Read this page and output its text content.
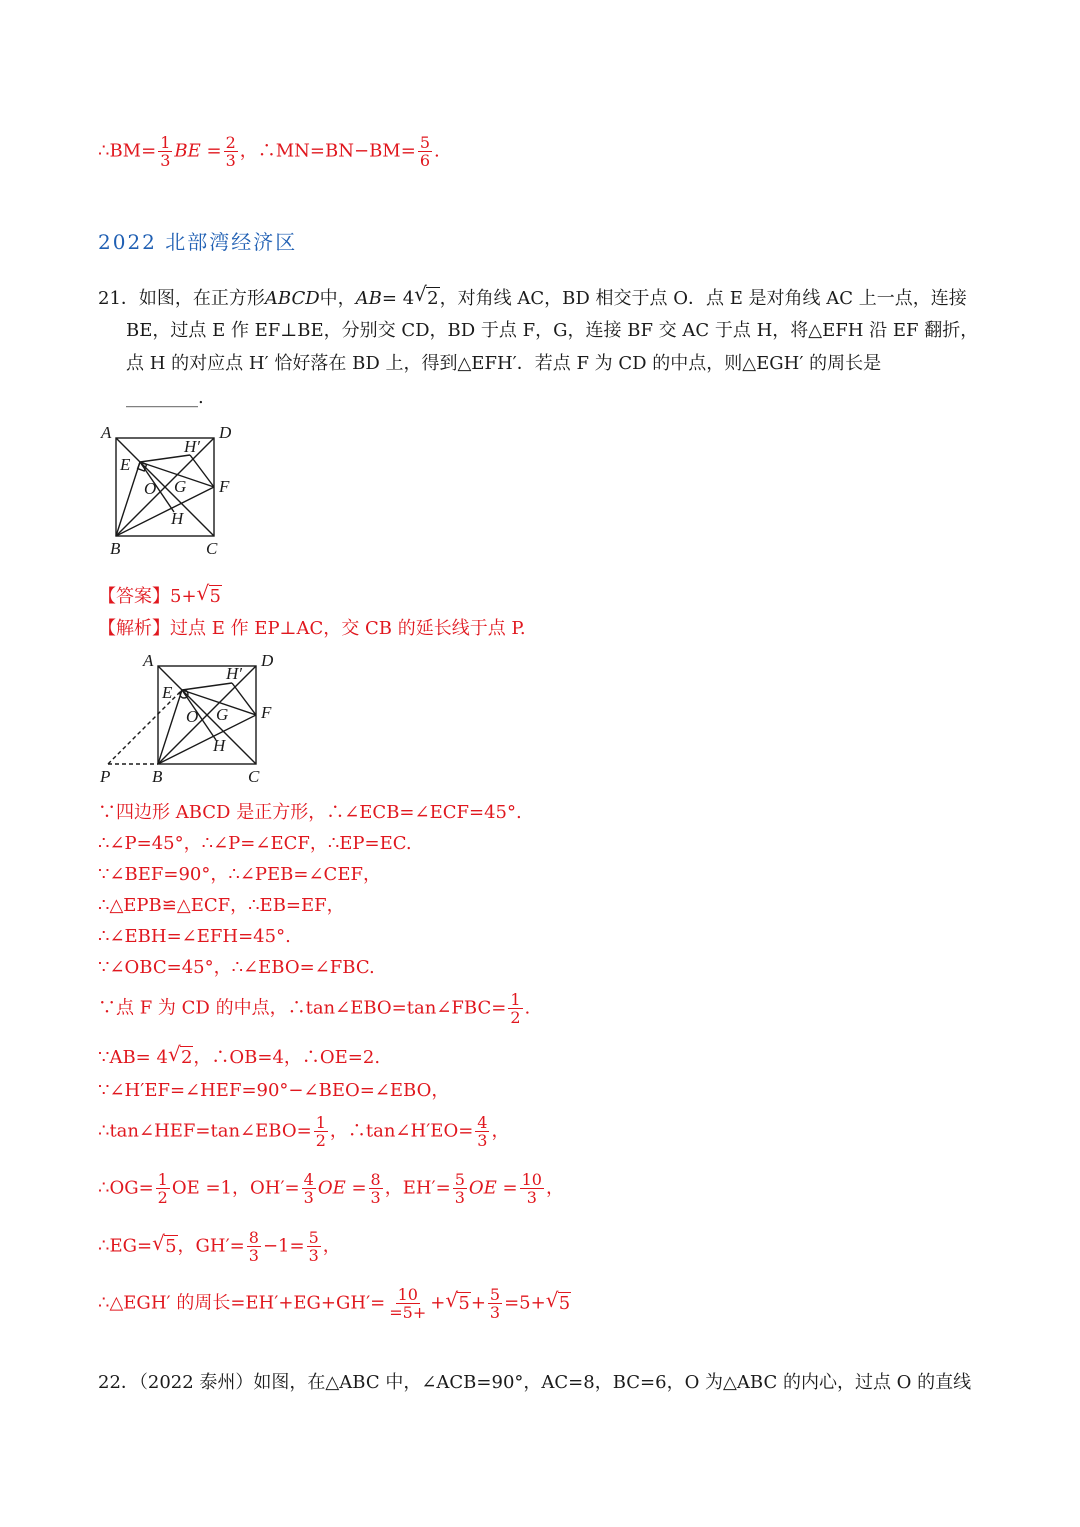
∴BM= $\frac{1}{3}$ BE = $\frac{2}{3}$ ，∴MN=BN−BM= $\frac{5}{6}$ .
2022 北部湾经济区
21．如图，在正方形ABCD中，AB= 4 √ 2，对角线 AC，BD 相交于点 O．点 E 是对角线 AC 上一点，连接
BE，过点 E 作 EF⊥BE，分别交 CD，BD 于点 F，G，连接 BF 交 AC 于点 H，将△EFH 沿 EF 翻折，
点 H 的对应点 H′ 恰好落在 BD 上，得到△EFH′．若点 F 为 CD 的中点，则△EGH′ 的周长是
________.
A	D
B	C
E
F
O G
H
H′
【答案】5+ √ 5
【解析】过点 E 作 EP⊥AC，交 CB 的延长线于点 P.
A	D
B	C
E
F
O G
H
H′
P
∵四边形 ABCD 是正方形，∴∠ECB=∠ECF=45°.
∴∠P=45°，∴∠P=∠ECF，∴EP=EC.
∵∠BEF=90°，∴∠PEB=∠CEF，
∴△EPB≌△ECF，∴EB=EF，
∴∠EBH=∠EFH=45°.
∵∠OBC=45°，∴∠EBO=∠FBC.
∵点 F 为 CD 的中点，∴tan∠EBO=tan∠FBC= $\frac{1}{2}$ .
∵AB= 4 √ 2，∴OB=4，∴OE=2.
∵∠H′EF=∠HEF=90°−∠BEO=∠EBO，
∴tan∠HEF=tan∠EBO= $\frac{1}{2}$ ，∴tan∠H′EO= $\frac{4}{3}$ ，
∴OG= $\frac{1}{2}$ OE =1，$OH'= \frac{4}{3}$ OE = $\frac{8}{3}$ ，$EH'= \frac{5}{3}$ OE = $\frac{10}{3}$ ，
∴EG= √ 5，$GH'= \frac{8}{3} -1= \frac{5}{3}$ ，
∴△EGH′ 的周长$=EH'+EG+GH'= \frac{10}{=5+}$ + √ $5+ \frac{5}{3} =5+$ √ 5
22．（2022 泰州）如图，在△ABC 中，∠ACB=90°，AC=8，BC=6，O 为△ABC 的内心，过点 O 的直线
